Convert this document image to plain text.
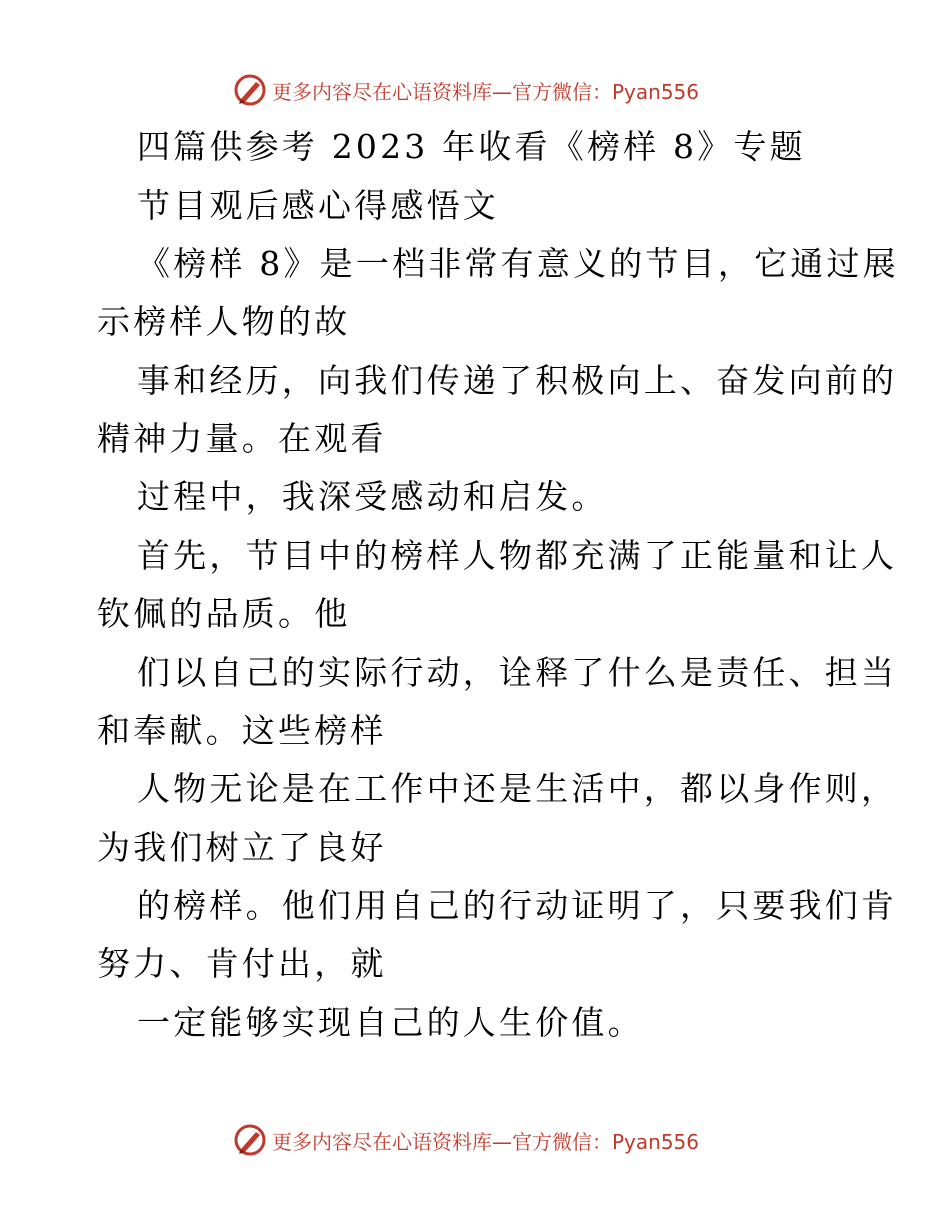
更多内容尽在心语资料库—官方微信：Pyan556
四篇供参考 2023 年收看《榜样 8》专题
节目观后感心得感悟文
《榜样 8》是一档非常有意义的节目，它通过展
示榜样人物的故
事和经历，向我们传递了积极向上、奋发向前的
精神力量。在观看
过程中，我深受感动和启发。
首先，节目中的榜样人物都充满了正能量和让人
钦佩的品质。他
们以自己的实际行动，诠释了什么是责任、担当
和奉献。这些榜样
人物无论是在工作中还是生活中，都以身作则，
为我们树立了良好
的榜样。他们用自己的行动证明了，只要我们肯
努力、肯付出，就
一定能够实现自己的人生价值。
更多内容尽在心语资料库—官方微信：Pyan556
